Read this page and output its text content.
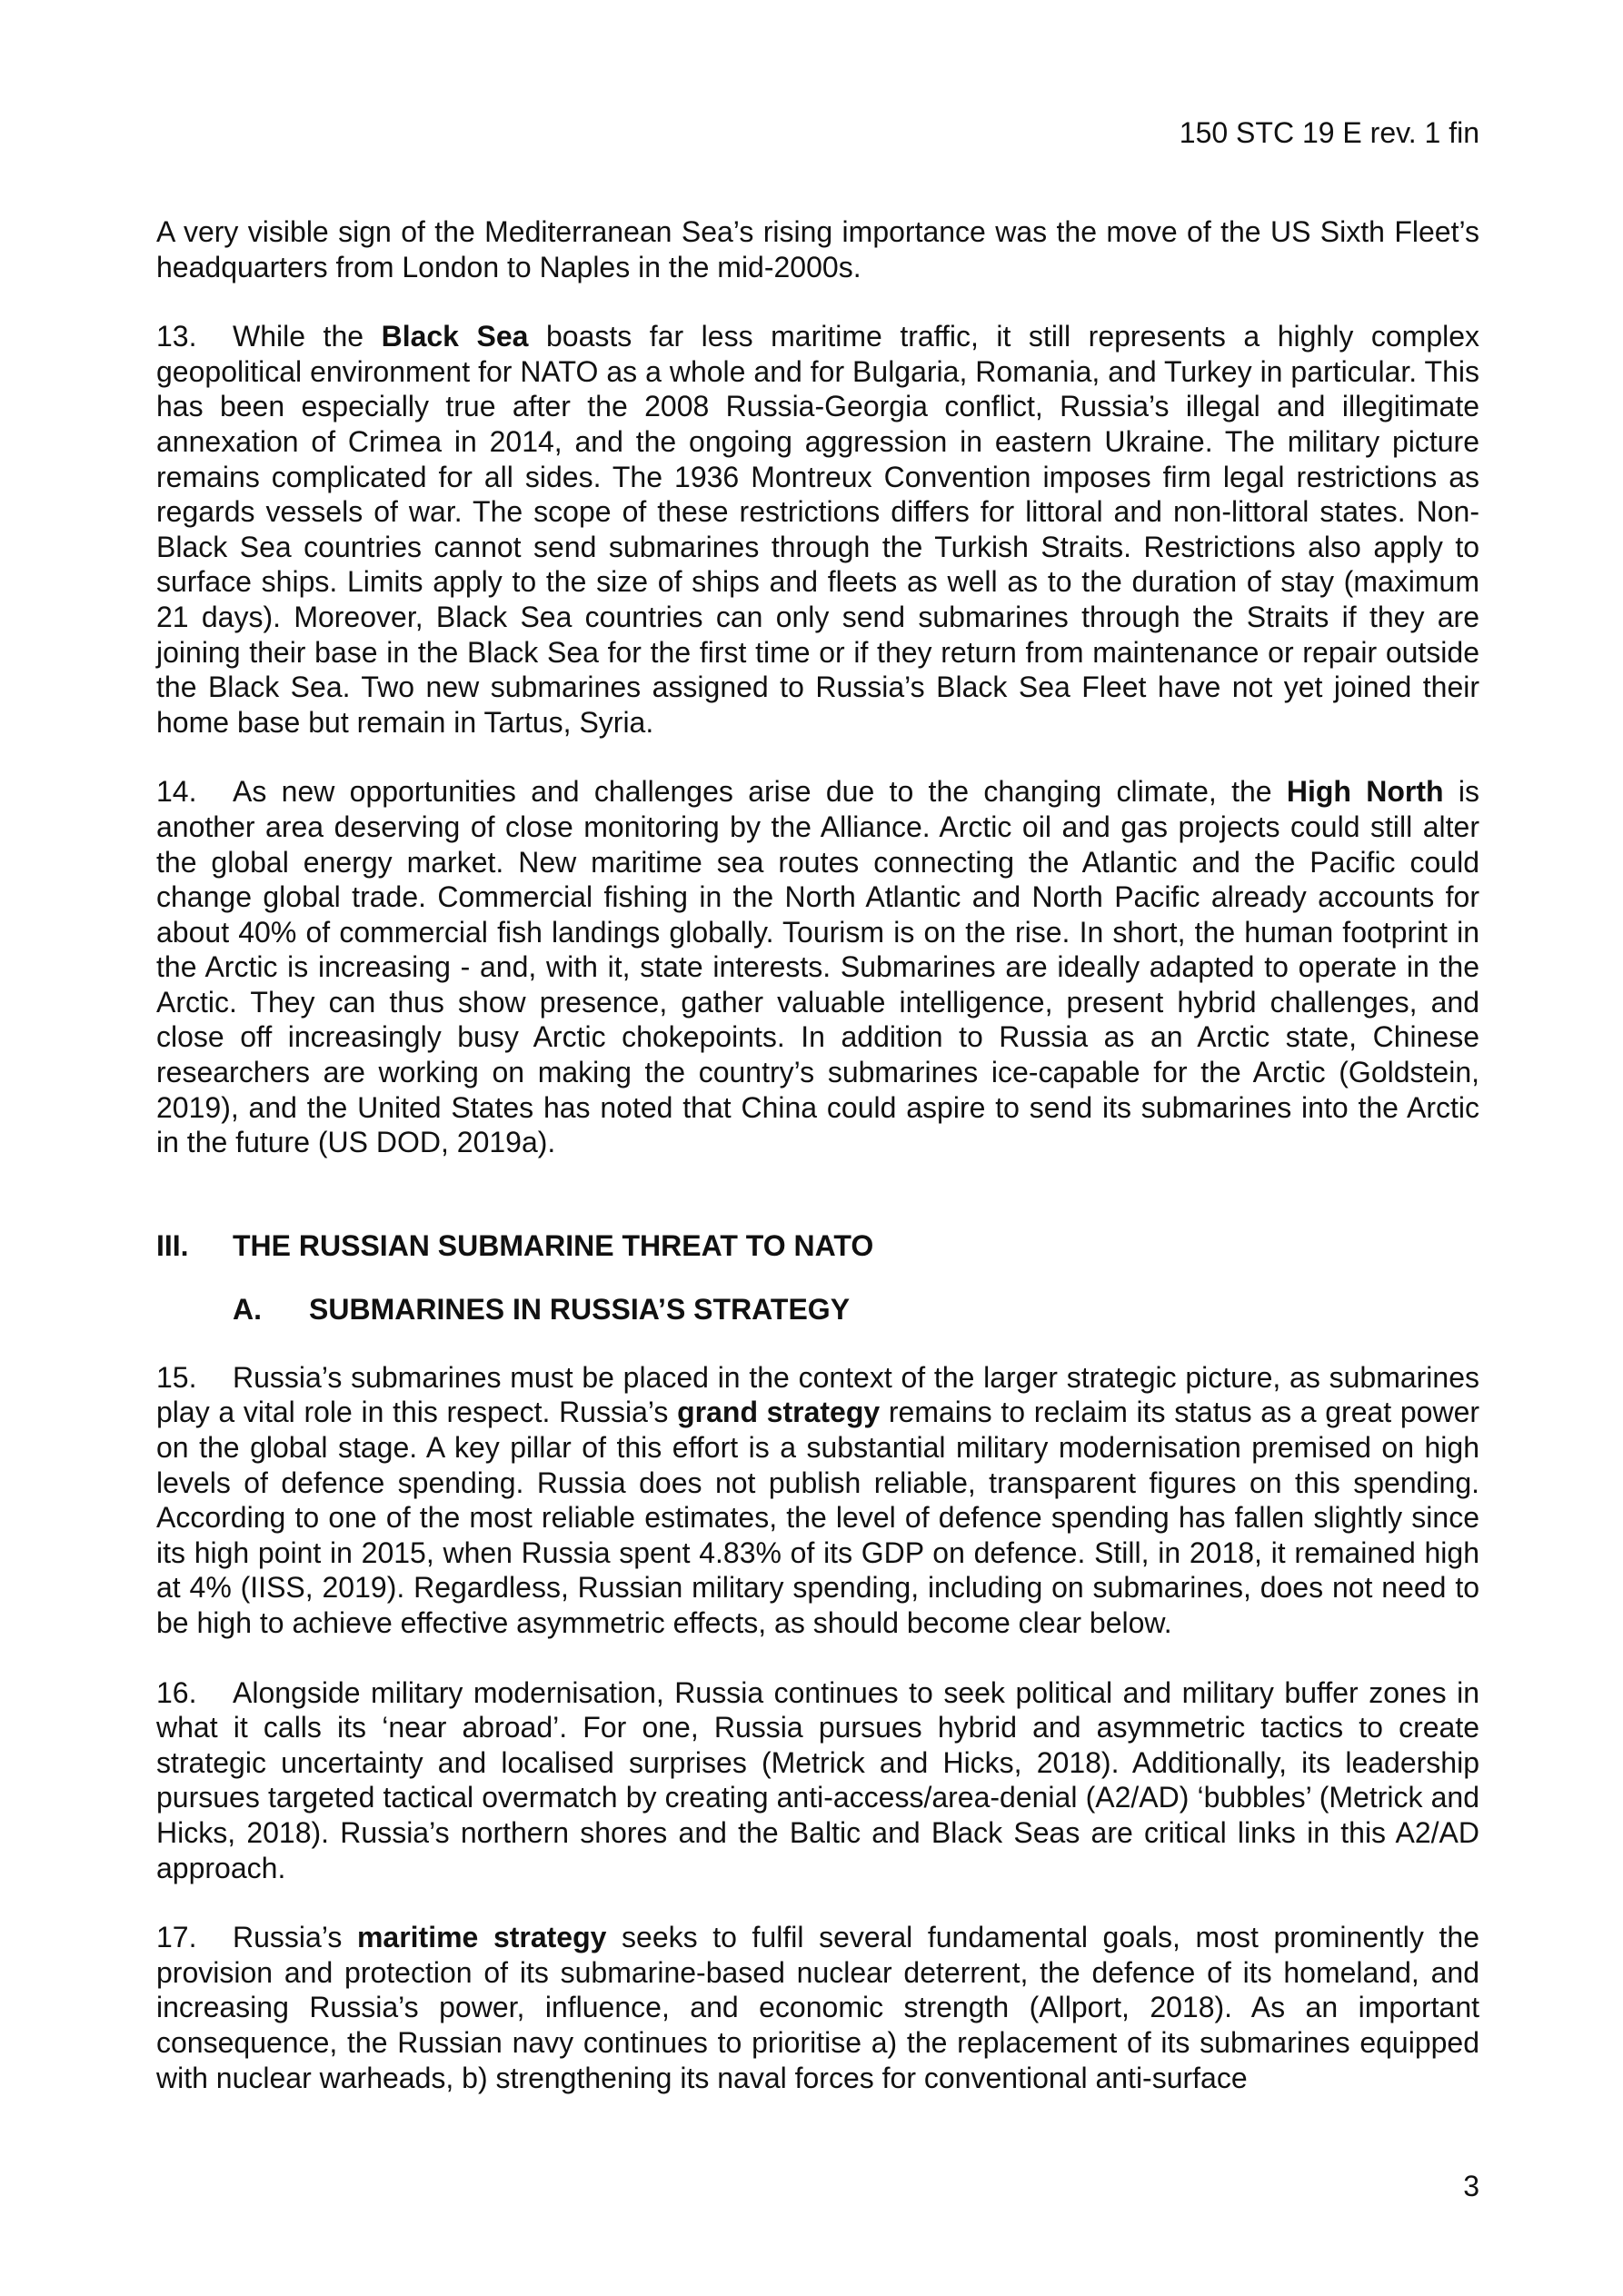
150 STC 19 E rev. 1 fin

A very visible sign of the Mediterranean Sea’s rising importance was the move of the US Sixth Fleet’s headquarters from London to Naples in the mid-2000s.

13. While the Black Sea boasts far less maritime traffic, it still represents a highly complex geopolitical environment for NATO as a whole and for Bulgaria, Romania, and Turkey in particular. This has been especially true after the 2008 Russia-Georgia conflict, Russia’s illegal and illegitimate annexation of Crimea in 2014, and the ongoing aggression in eastern Ukraine. The military picture remains complicated for all sides. The 1936 Montreux Convention imposes firm legal restrictions as regards vessels of war. The scope of these restrictions differs for littoral and non-littoral states. Non-Black Sea countries cannot send submarines through the Turkish Straits. Restrictions also apply to surface ships. Limits apply to the size of ships and fleets as well as to the duration of stay (maximum 21 days). Moreover, Black Sea countries can only send submarines through the Straits if they are joining their base in the Black Sea for the first time or if they return from maintenance or repair outside the Black Sea. Two new submarines assigned to Russia’s Black Sea Fleet have not yet joined their home base but remain in Tartus, Syria.

14. As new opportunities and challenges arise due to the changing climate, the High North is another area deserving of close monitoring by the Alliance. Arctic oil and gas projects could still alter the global energy market. New maritime sea routes connecting the Atlantic and the Pacific could change global trade. Commercial fishing in the North Atlantic and North Pacific already accounts for about 40% of commercial fish landings globally. Tourism is on the rise. In short, the human footprint in the Arctic is increasing - and, with it, state interests. Submarines are ideally adapted to operate in the Arctic. They can thus show presence, gather valuable intelligence, present hybrid challenges, and close off increasingly busy Arctic chokepoints. In addition to Russia as an Arctic state, Chinese researchers are working on making the country’s submarines ice-capable for the Arctic (Goldstein, 2019), and the United States has noted that China could aspire to send its submarines into the Arctic in the future (US DOD, 2019a).

III.	THE RUSSIAN SUBMARINE THREAT TO NATO
A.	SUBMARINES IN RUSSIA’S STRATEGY

15. Russia’s submarines must be placed in the context of the larger strategic picture, as submarines play a vital role in this respect. Russia’s grand strategy remains to reclaim its status as a great power on the global stage. A key pillar of this effort is a substantial military modernisation premised on high levels of defence spending. Russia does not publish reliable, transparent figures on this spending. According to one of the most reliable estimates, the level of defence spending has fallen slightly since its high point in 2015, when Russia spent 4.83% of its GDP on defence. Still, in 2018, it remained high at 4% (IISS, 2019). Regardless, Russian military spending, including on submarines, does not need to be high to achieve effective asymmetric effects, as should become clear below.

16. Alongside military modernisation, Russia continues to seek political and military buffer zones in what it calls its ‘near abroad’. For one, Russia pursues hybrid and asymmetric tactics to create strategic uncertainty and localised surprises (Metrick and Hicks, 2018). Additionally, its leadership pursues targeted tactical overmatch by creating anti-access/area-denial (A2/AD) ‘bubbles’ (Metrick and Hicks, 2018). Russia’s northern shores and the Baltic and Black Seas are critical links in this A2/AD approach.

17. Russia’s maritime strategy seeks to fulfil several fundamental goals, most prominently the provision and protection of its submarine-based nuclear deterrent, the defence of its homeland, and increasing Russia’s power, influence, and economic strength (Allport, 2018). As an important consequence, the Russian navy continues to prioritise a) the replacement of its submarines equipped with nuclear warheads, b) strengthening its naval forces for conventional anti-surface

3
